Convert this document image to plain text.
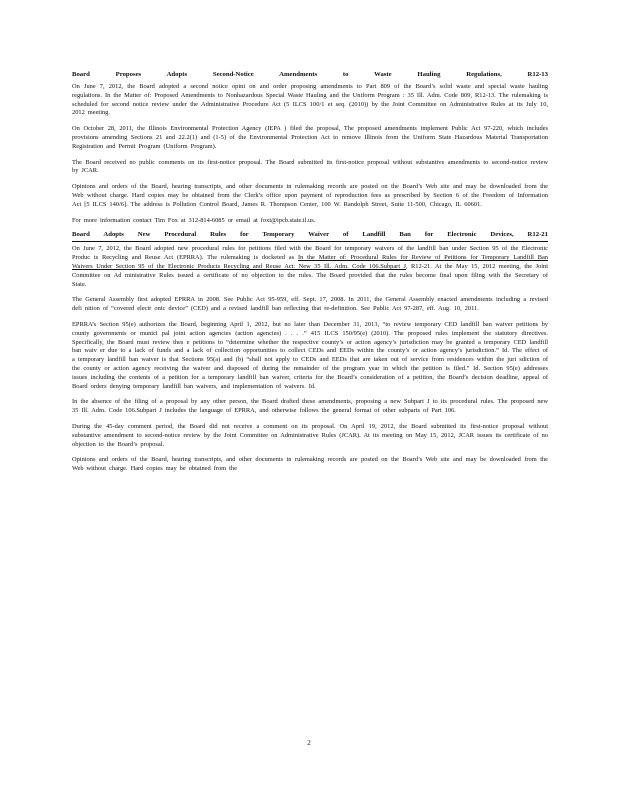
Board Proposes Adopts Second-Notice Amendments to Waste Hauling Regulations, R12-13

On June 7, 2012, the Board adopted a second notice opini on and order proposing amendments to Part 809 of the Board’s solid waste and special waste hauling regulations. In the Matter of: Proposed Amendments to Nonhazardous Special Waste Hauling and the Uniform Program : 35 Ill. Adm. Code 809, R12-13. The rulemaking is scheduled for second notice review under the Administrative Procedure Act (5 ILCS 100/1 et seq. (2010)) by the Joint Committee on Administrative Rules at its July 10, 2012 meeting.

On October 28, 2011, the Illinois Environmental Protection Agency (IEPA ) filed the proposal, The proposed amendments implement Public Act 97-220, which includes provisions amending Sections 21 and 22.2(1) and (1-5) of the Environmental Protection Act to remove Illinois from the Uniform State Hazardous Material Transportation Registration and Permit Program (Uniform Program).

The Board received no public comments on its first-notice proposal. The Board submitted its first-notice proposal without substantive amendments to second-notice review by JCAR.

Opinions and orders of the Board, hearing transcripts, and other documents in rulemaking records are posted on the Board’s Web site and may be downloaded from the Web without charge. Hard copies may be obtained from the Clerk’s office upon payment of reproduction fees as prescribed by Section 6 of the Freedom of Information Act [5 ILCS 140/6]. The address is Pollution Control Board, James R. Thompson Center, 100 W. Randolph Street, Suite 11-500, Chicago, IL 60601.

For more information contact Tim Fox at 312-814-6085 or email at foxt@ipcb.state.il.us.

Board Adopts New Procedural Rules for Temporary Waiver of Landfill Ban for Electronic Devices, R12-21

On June 7, 2012, the Board adopted new procedural rules for petitions filed with the Board for temporary waivers of the landfill ban under Section 95 of the Electronic Produc ts Recycling and Reuse Act (EPRRA). The rulemaking is docketed as In the Matter of: Procedural Rules for Review of Petitions for Temporary Landfill Ban Waivers Under Section 95 of the Electronic Products Recycling and Reuse Act: New 35 Ill. Adm. Code 106.Subpart J, R12-21. At the May 15, 2012 meeting, the Joint Committee on Ad ministrative Rules issued a certificate of no objection to the rules. The Board provided that the rules become final upon filing with the Secretary of State.

The General Assembly first adopted EPRRA in 2008. See Public Act 95-959, eff. Sept. 17, 2008. In 2011, the General Assembly enacted amendments including a revised defi nition of “covered electr onic device” (CED) and a revised landfill ban reflecting that re-definition. See Public Act 97-287, eff. Aug. 10, 2011.

EPRRA’s Section 95(e) authorizes the Board, beginning April 1, 2012, but no later than December 31, 2013, “to review temporary CED landfill ban waiver petitions by county governments or munici pal joint action agencies (action agencies) . . . .” 415 ILCS 150/95(e) (2010). The proposed rules implement the statutory directives. Specifically, the Board must review thes e petitions to “determine whether the respective county’s or action agency’s jurisdiction may be granted a temporary CED landfill ban waiv er due to a lack of funds and a lack of collection opportunities to collect CEDs and EEDs within the county’s or action agency’s jurisdiction.” Id. The effect of a temporary landfill ban waiver is that Sections 95(a) and (b) “shall not apply to CEDs and EEDs that are taken out of service from residences within the juri sdiction of the county or action agency receiving the waiver and disposed of during the remainder of the program year in which the petition is filed.” Id. Section 95(e) addresses issues including the contents of a petition for a temporary landfill ban waiver, criteria for the Board’s consideration of a petition, the Board’s decision deadline, appeal of Board orders denying temporary landfill ban waivers, and implementation of waivers. Id.

In the absence of the filing of a proposal by any other person, the Board drafted these amendments, proposing a new Subpart J to its procedural rules. The proposed new 35 Ill. Adm. Code 106.Subpart J includes the language of EPRRA, and otherwise follows the general format of other subparts of Part 106.

During the 45-day comment period, the Board did not receive a comment on its proposal. On April 19, 2012, the Board submitted its first-notice proposal without substantive amendment to second-notice review by the Joint Committee on Administrative Rules (JCAR). At its meeting on May 15, 2012, JCAR issues its certificate of no objection to the Board’s proposal.

Opinions and orders of the Board, hearing transcripts, and other documents in rulemaking records are posted on the Board’s Web site and may be downloaded from the Web without charge. Hard copies may be obtained from the

2
